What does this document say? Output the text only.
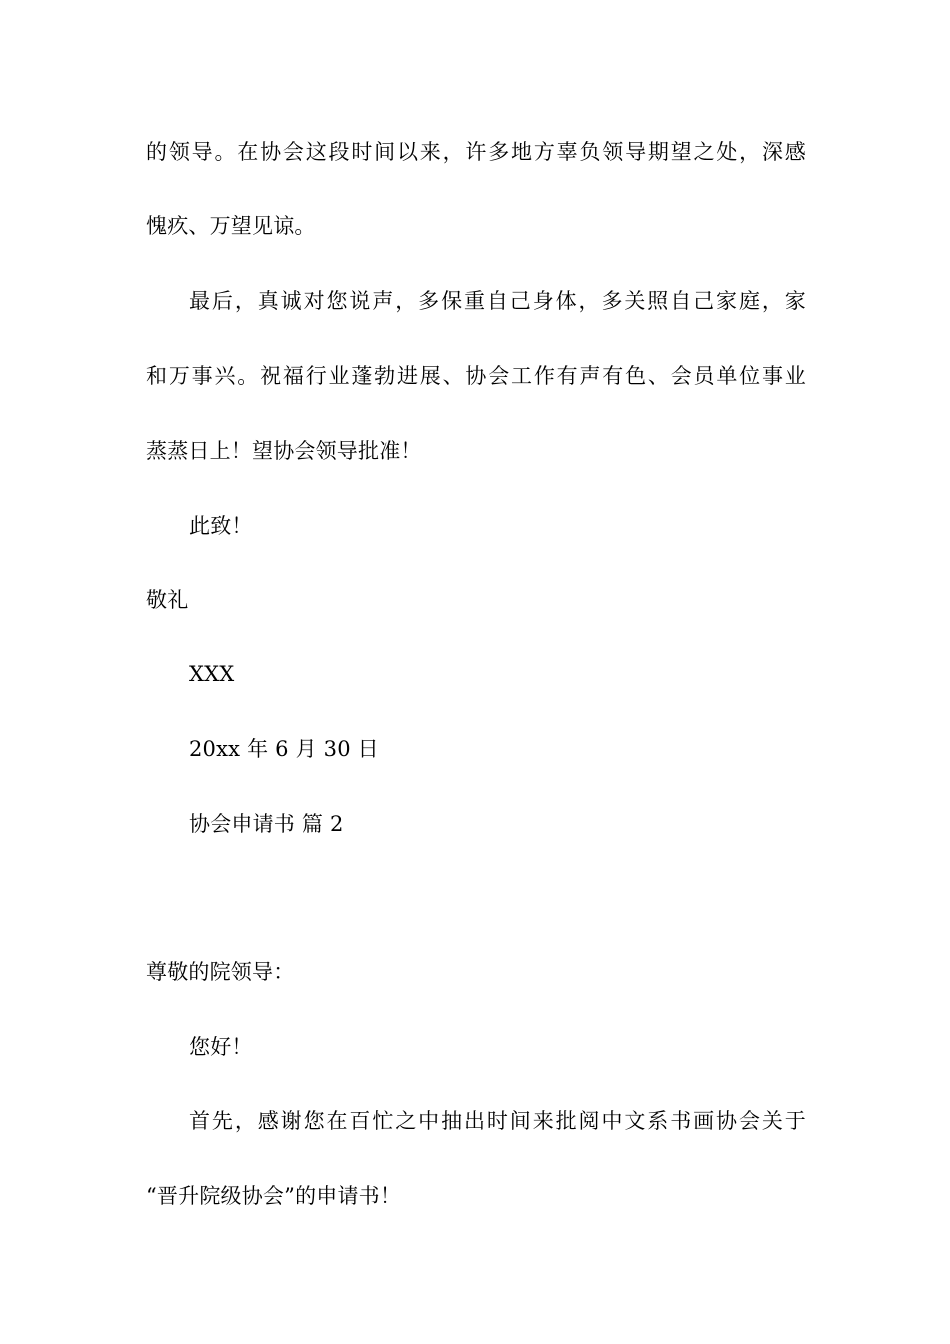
的领导。在协会这段时间以来，许多地方辜负领导期望之处，深感
愧疚、万望见谅。
最后，真诚对您说声，多保重自己身体，多关照自己家庭，家
和万事兴。祝福行业蓬勃进展、协会工作有声有色、会员单位事业
蒸蒸日上！望协会领导批准！
此致！
敬礼
XXX
20xx 年 6 月 30 日
协会申请书 篇 2
尊敬的院领导：
您好！
首先，感谢您在百忙之中抽出时间来批阅中文系书画协会关于
“晋升院级协会”的申请书！
